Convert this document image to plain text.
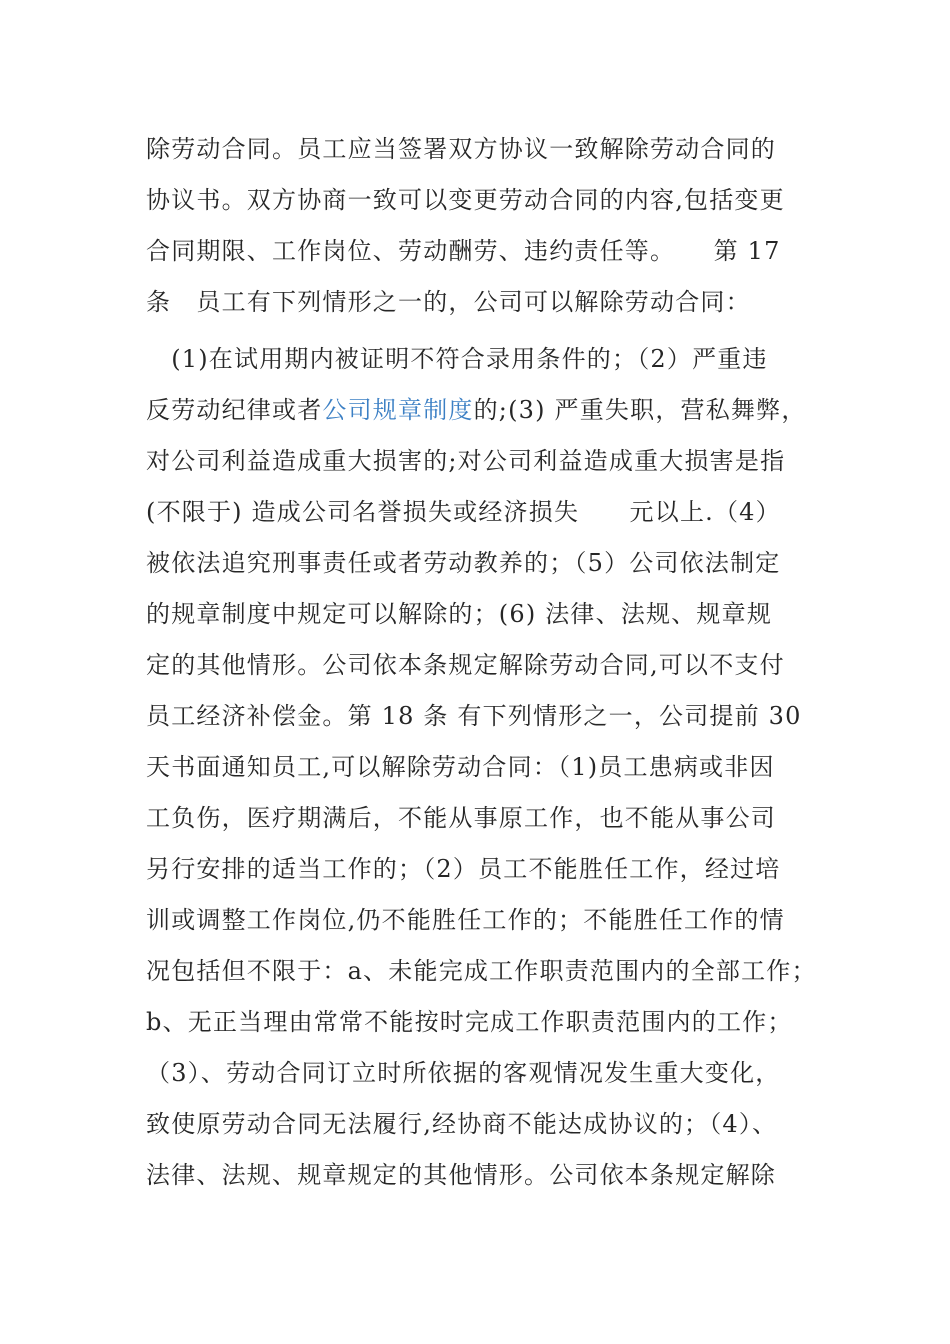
除劳动合同。员工应当签署双方协议一致解除劳动合同的
协议书。双方协商一致可以变更劳动合同的内容,包括变更
合同期限、工作岗位、劳动酬劳、违约责任等。　　第 17
条　员工有下列情形之一的，公司可以解除劳动合同：
　(1)在试用期内被证明不符合录用条件的；（2）严重违
反劳动纪律或者公司规章制度的;(3) 严重失职，营私舞弊，
对公司利益造成重大损害的;对公司利益造成重大损害是指
(不限于) 造成公司名誉损失或经济损失　　元以上.（4）
被依法追究刑事责任或者劳动教养的；（5）公司依法制定
的规章制度中规定可以解除的；(6) 法律、法规、规章规
定的其他情形。公司依本条规定解除劳动合同,可以不支付
员工经济补偿金。第 18 条 有下列情形之一，公司提前 30
天书面通知员工,可以解除劳动合同：（1)员工患病或非因
工负伤，医疗期满后，不能从事原工作，也不能从事公司
另行安排的适当工作的；（2）员工不能胜任工作，经过培
训或调整工作岗位,仍不能胜任工作的；不能胜任工作的情
况包括但不限于：a、未能完成工作职责范围内的全部工作；
b、无正当理由常常不能按时完成工作职责范围内的工作；
（3）、劳动合同订立时所依据的客观情况发生重大变化，
致使原劳动合同无法履行,经协商不能达成协议的；（4）、
法律、法规、规章规定的其他情形。公司依本条规定解除
